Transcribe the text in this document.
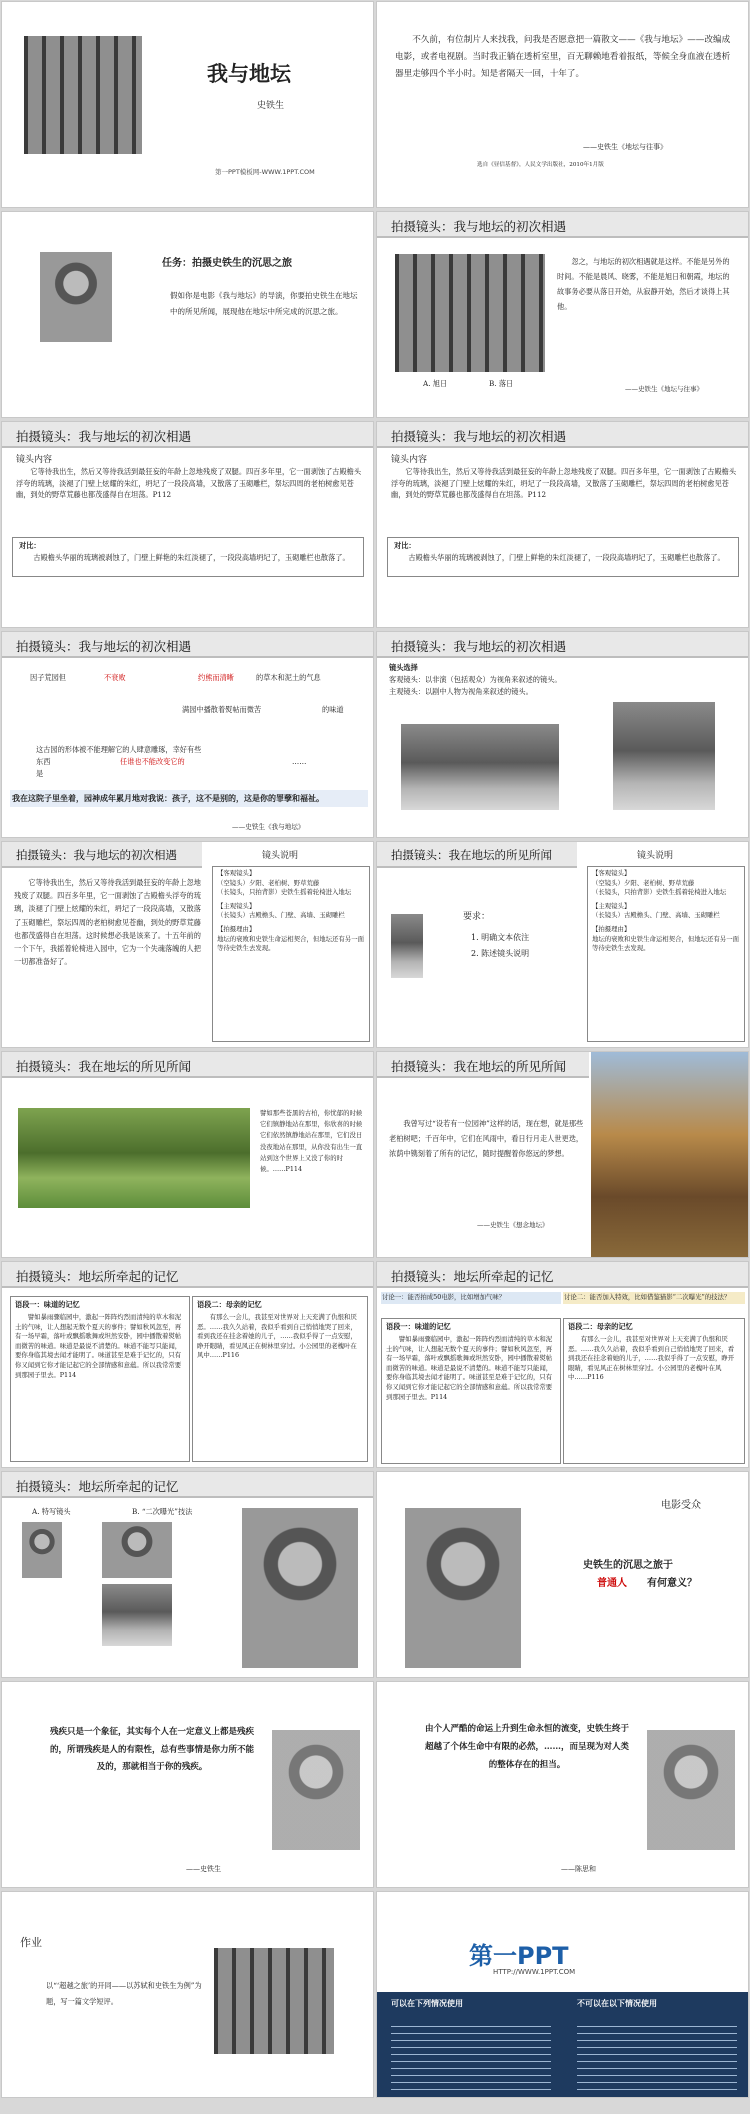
我与地坛
史铁生
第一PPT模板网-WWW.1PPT.COM
不久前，有位制片人来找我，问我是否愿意把一篇散文——《我与地坛》——改编成电影，或者电视剧。当时我正躺在透析室里，百无聊赖地看着报纸，等候全身血液在透析器里走够四个半小时。知是者隔天一回，十年了。
——史铁生《地坛与往事》
选自《昼信基督》，人民文学出版社，2010年1月版
任务：拍摄史铁生的沉思之旅
假如你是电影《我与地坛》的导演，你要拍史铁生在地坛中的所见所闻，展现他在地坛中所完成的沉思之旅。
拍摄镜头：我与地坛的初次相遇
A. 旭日	B. 落日
忽之，与地坛的初次相遇就是这样。不能是另外的时间。不能是晨风、晓雾，不能是旭日和朝霞，地坛的故事务必要从落日开始，从寂静开始，然后才谈得上其他。
——史铁生《地坛与往事》
拍摄镜头：我与地坛的初次相遇
镜头内容
它等待我出生，然后又等待我活到最狂妄的年龄上忽地残废了双腿。四百多年里，它一面剥蚀了古殿檐头浮夸的琉璃，淡褪了门壁上炫耀的朱红，坍圮了一段段高墙，又散落了玉砌雕栏，祭坛四周的老柏树愈见苍幽，到处的野草荒藤也都茂盛得自在坦荡。P112
对比：
古殿檐头华丽的琉璃被剥蚀了，门壁上鲜艳的朱红淡褪了，一段段高墙坍圮了，玉砌雕栏也散落了。
拍摄镜头：我与地坛的初次相遇
镜头内容
它等待我出生，然后又等待我活到最狂妄的年龄上忽地残废了双腿。四百多年里，它一面剥蚀了古殿檐头浮夸的琉璃，淡褪了门壁上炫耀的朱红，坍圮了一段段高墙，又散落了玉砌雕栏，祭坛四周的老柏树愈见苍幽，到处的野草荒藤也都茂盛得自在坦荡。P112
对比：
古殿檐头华丽的琉璃被剥蚀了，门壁上鲜艳的朱红淡褪了，一段段高墙坍圮了，玉砌雕栏也散落了。
拍摄镜头：我与地坛的初次相遇
因子荒园但	不衰败	约熊而清晰	的草木和泥土的气息
满园中播散着熨帖而微苦	的味道
这古园的形体被不能理解它的人肆意雕琢，幸好有些东西	任谁也不能改变它的
是
……
我在这院子里坐着，园神成年累月地对我说：孩子，这不是别的，这是你的罪孽和福祉。
——史铁生《我与地坛》
拍摄镜头：我与地坛的初次相遇
镜头选择
客观镜头：以非演（包括观众）为视角来叙述的镜头。
主观镜头：以剧中人物为视角来叙述的镜头。
拍摄镜头：我与地坛的初次相遇
它等待我出生，然后又等待我活到最狂妄的年龄上忽地残废了双腿。四百多年里，它一面剥蚀了古殿檐头浮夸的琉璃，淡褪了门壁上炫耀的朱红，坍圮了一段段高墙，又散落了玉砌雕栏，祭坛四周的老柏树愈见苍幽，到处的野草荒藤也都茂盛得自在坦荡。这时候想必我是该来了。十五年前的一个下午，我摇着轮椅进入园中，它为一个失魂落魄的人把一切都准备好了。
镜头说明
【客观镜头】
（空镜头）夕阳、老柏树、野草荒藤
（长镜头，只拍背影）史铁生摇着轮椅进入地坛
【主观镜头】
（长镜头）古殿檐头、门壁、高墙、玉砌雕栏
【拍摄理由】
地坛的衰败和史铁生命运相契合，但地坛还有另一面等待史铁生去发现。
拍摄镜头：我在地坛的所见所闻
要求：
1. 明确文本依注
2. 陈述镜头说明
镜头说明
【客观镜头】
（空镜头）夕阳、老柏树、野草荒藤
（长镜头，只拍背影）史铁生摇着轮椅进入地坛
【主观镜头】
（长镜头）古殿檐头、门壁、高墙、玉砌雕栏
【拍摄理由】
地坛的衰败和史铁生命运相契合，但地坛还有另一面等待史铁生去发现。
拍摄镜头：我在地坛的所见所闻
譬如那些苍黑的古柏，你忧郁的时候它们镇静地站在那里，你欣喜的时候它们依然镇静地站在那里，它们没日没夜地站在那里，从你没有出生一直站到这个世界上又没了你的时候。……P114
拍摄镜头：我在地坛的所见所闻
我曾写过“设若有一位园神”这样的话，现在想，就是那些老柏树吧；千百年中，它们在风雨中，看日行月走人世更迭，浓荫中镌刻着了所有的记忆，随时提醒着你悠远的梦想。
——史铁生《想念地坛》
拍摄镜头：地坛所牵起的记忆
语段一：味道的记忆
譬如暴雨骤临园中，激起一阵阵灼烈而清纯的草木和泥土的气味，让人想起无数个夏天的事件；譬如秋风忽至，再有一场早霜，落叶或飘摇歌舞或坦然安卧，园中播散着熨帖而微苦的味道。味道是最说不清楚的。味道不能写只能闻，要你身临其境去闻才能明了。味道甚至是难于记忆的，只有你又闻到它你才能记起它的全部情感和意蕴。所以我常常要到那园子里去。P114
语段二：母亲的记忆
有那么一会儿，我甚至对世界对上天充满了仇恨和厌恶。……我久久站着，我似乎看到自己悄悄地哭了回来，看到我还在挂念着她的儿子，……我似乎得了一点安慰，睁开眼睛，看见风正在树林里穿过。小公园里的老槐叶在风中……P116
拍摄镜头：地坛所牵起的记忆
讨论一：能否拍成50电影，比如增加气味？	讨论二：能否加入特效，比如借鉴猫影“二次曝光”的技法？
语段一：味道的记忆
譬如暴雨骤临园中，激起一阵阵灼烈而清纯的草木和泥土的气味，让人想起无数个夏天的事件；譬如秋风忽至，再有一场早霜，落叶或飘摇歌舞或坦然安卧，园中播散着熨帖而微苦的味道。味道是最说不清楚的。味道不能写只能闻，要你身临其境去闻才能明了。味道甚至是难于记忆的，只有你又闻到它你才能记起它的全部情感和意蕴。所以我常常要到那园子里去。P114
语段二：母亲的记忆
有那么一会儿，我甚至对世界对上天充满了仇恨和厌恶。……我久久站着，我似乎看到自己悄悄地哭了回来，看到我还在挂念着她的儿子，……我似乎得了一点安慰，睁开眼睛，看见风正在树林里穿过。小公园里的老槐叶在风中……P116
拍摄镜头：地坛所牵起的记忆
A. 特写镜头	B. “二次曝光”技法
电影受众
史铁生的沉思之旅于
普通人 有何意义？
残疾只是一个象征，其实每个人在一定意义上都是残疾的，所谓残疾是人的有限性，总有些事情是你力所不能及的，那就相当于你的残疾。
——史铁生
由个人严酷的命运上升到生命永恒的流变，史铁生终于超越了个体生命中有限的必然，……，而呈现为对人类的整体存在的担当。
——陈思和
作业
以“‘超越之旅’的开同——以苏轼和史铁生为例”为题，写一篇文学短评。
第一PPT
HTTP://WWW.1PPT.COM
可以在下列情况使用	不可以在以下情况使用
